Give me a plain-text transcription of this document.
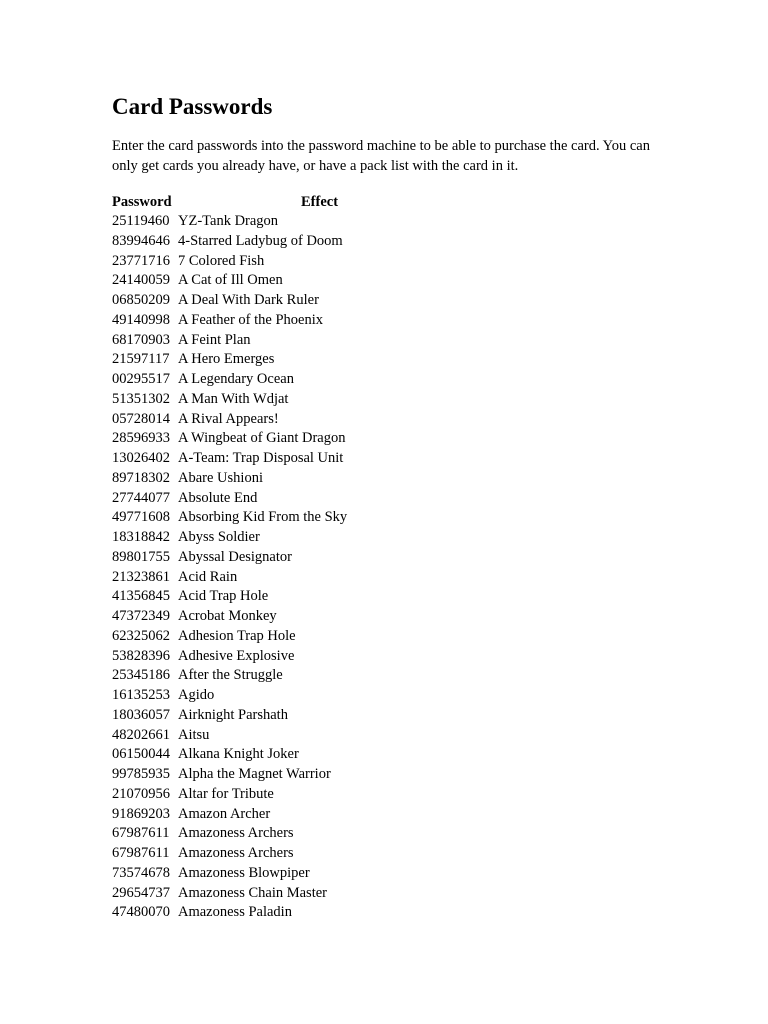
Card Passwords

Enter the card passwords into the password machine to be able to purchase the card. You can only get cards you already have, or have a pack list with the card in it.

Password	Effect
25119460 YZ-Tank Dragon
83994646 4-Starred Ladybug of Doom
23771716 7 Colored Fish
24140059 A Cat of Ill Omen
06850209 A Deal With Dark Ruler
49140998 A Feather of the Phoenix
68170903 A Feint Plan
21597117 A Hero Emerges
00295517 A Legendary Ocean
51351302 A Man With Wdjat
05728014 A Rival Appears!
28596933 A Wingbeat of Giant Dragon
13026402 A-Team: Trap Disposal Unit
89718302 Abare Ushioni
27744077 Absolute End
49771608 Absorbing Kid From the Sky
18318842 Abyss Soldier
89801755 Abyssal Designator
21323861 Acid Rain
41356845 Acid Trap Hole
47372349 Acrobat Monkey
62325062 Adhesion Trap Hole
53828396 Adhesive Explosive
25345186 After the Struggle
16135253 Agido
18036057 Airknight Parshath
48202661 Aitsu
06150044 Alkana Knight Joker
99785935 Alpha the Magnet Warrior
21070956 Altar for Tribute
91869203 Amazon Archer
67987611 Amazoness Archers
67987611 Amazoness Archers
73574678 Amazoness Blowpiper
29654737 Amazoness Chain Master
47480070 Amazoness Paladin
